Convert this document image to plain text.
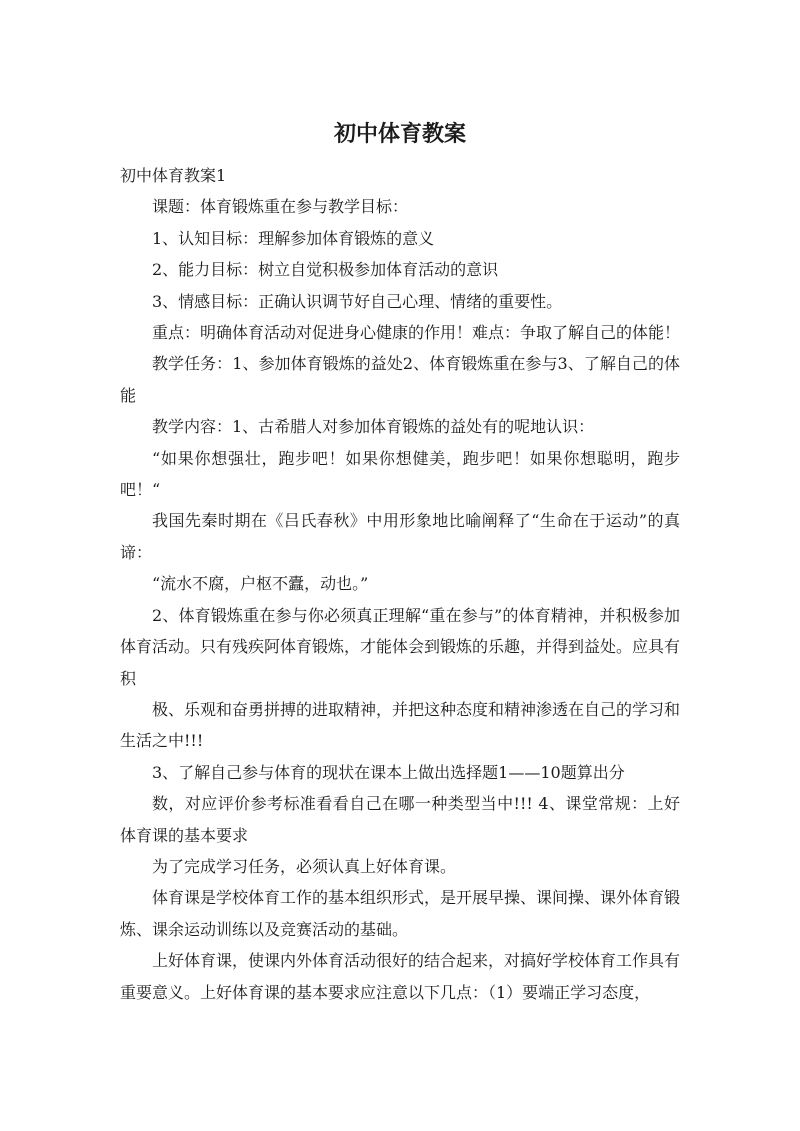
初中体育教案

初中体育教案1

课题：体育锻炼重在参与教学目标：

1、认知目标：理解参加体育锻炼的意义

2、能力目标：树立自觉积极参加体育活动的意识

3、情感目标：正确认识调节好自己心理、情绪的重要性。

重点：明确体育活动对促进身心健康的作用！难点：争取了解自己的体能！

教学任务：1、参加体育锻炼的益处2、体育锻炼重在参与3、了解自己的体能

教学内容：1、古希腊人对参加体育锻炼的益处有的呢地认识：

“如果你想强壮，跑步吧！如果你想健美，跑步吧！如果你想聪明，跑步吧！“

我国先秦时期在《吕氏春秋》中用形象地比喻阐释了“生命在于运动”的真谛：

“流水不腐，户枢不蠹，动也。”

2、体育锻炼重在参与你必须真正理解“重在参与”的体育精神，并积极参加体育活动。只有残疾阿体育锻炼，才能体会到锻炼的乐趣，并得到益处。应具有积

极、乐观和奋勇拼搏的进取精神，并把这种态度和精神渗透在自己的学习和生活之中!!!

3、了解自己参与体育的现状在课本上做出选择题1——10题算出分

数，对应评价参考标准看看自己在哪一种类型当中!!! 4、课堂常规：上好体育课的基本要求

为了完成学习任务，必须认真上好体育课。

体育课是学校体育工作的基本组织形式，是开展早操、课间操、课外体育锻炼、课余运动训练以及竞赛活动的基础。

上好体育课，使课内外体育活动很好的结合起来，对搞好学校体育工作具有重要意义。上好体育课的基本要求应注意以下几点：（1）要端正学习态度，
